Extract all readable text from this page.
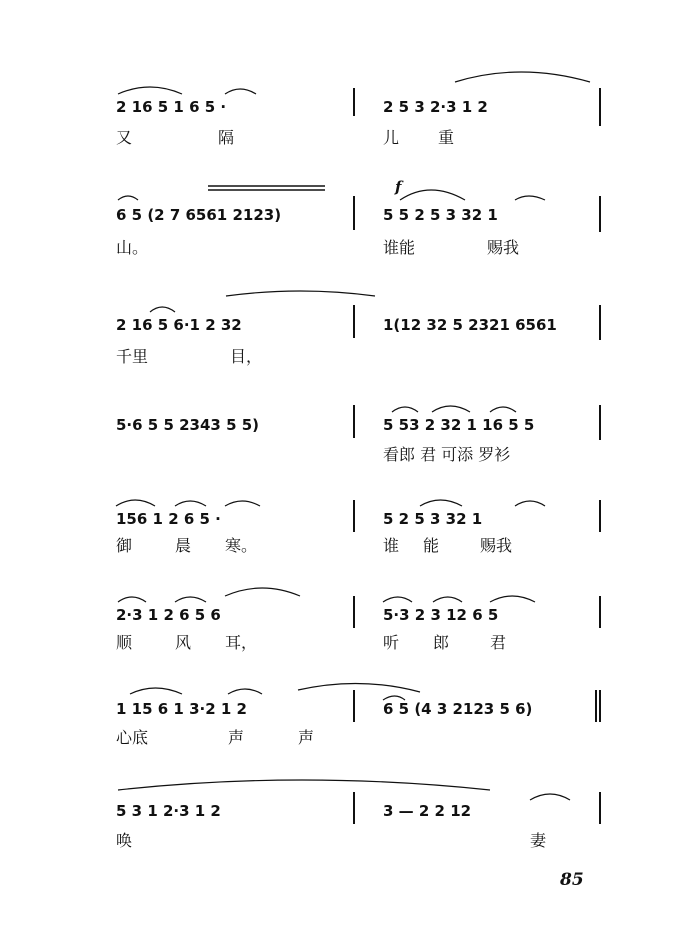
2 16 5 1 6 5 ·	2 5 3 2·3 1 2
又	隔	儿 重
6 5 (2 7 6561 2123)	5 5 2 5 3 32 1
f
山。	谁能	赐我
2 16 5 6·1 2 32	1(12 32 5 2321 6561
千里	目，
5·6 5 5 2343 5 5)	5 53 2 32 1 16 5 5
看郎 君 可添 罗衫
156 1 2 6 5 ·	5 2 5 3 32 1
御	晨 寒。	谁 能	赐我
2·3 1 2 6 5 6	5·3 2 3 12 6 5
顺	风 耳，	听 郎	君
1 15 6 1 3·2 1 2	6 5 (4 3 2123 5 6)
心底	声	声
5 3 1 2·3 1 2	3 — 2 2 12
唤	妻
85
